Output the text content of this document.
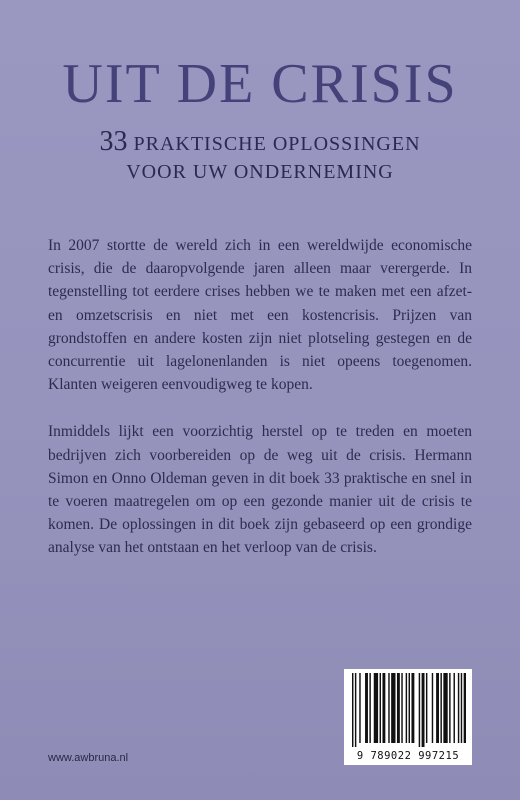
UIT DE CRISIS
33 PRAKTISCHE OPLOSSINGEN
VOOR UW ONDERNEMING

In 2007 stortte de wereld zich in een wereldwijde economische crisis, die de daaropvolgende jaren alleen maar verergerde. In tegenstelling tot eerdere crises hebben we te maken met een afzet- en omzetscrisis en niet met een kostencrisis. Prijzen van grondstoffen en andere kosten zijn niet plotseling gestegen en de concurrentie uit lagelonenlanden is niet opeens toegenomen. Klanten weigeren eenvoudigweg te kopen.

Inmiddels lijkt een voorzichtig herstel op te treden en moeten bedrijven zich voorbereiden op de weg uit de crisis. Hermann Simon en Onno Oldeman geven in dit boek 33 praktische en snel in te voeren maatregelen om op een gezonde manier uit de crisis te komen. De oplossingen in dit boek zijn gebaseerd op een grondige analyse van het ontstaan en het verloop van de crisis.

www.awbruna.nl	9 789022 997215
